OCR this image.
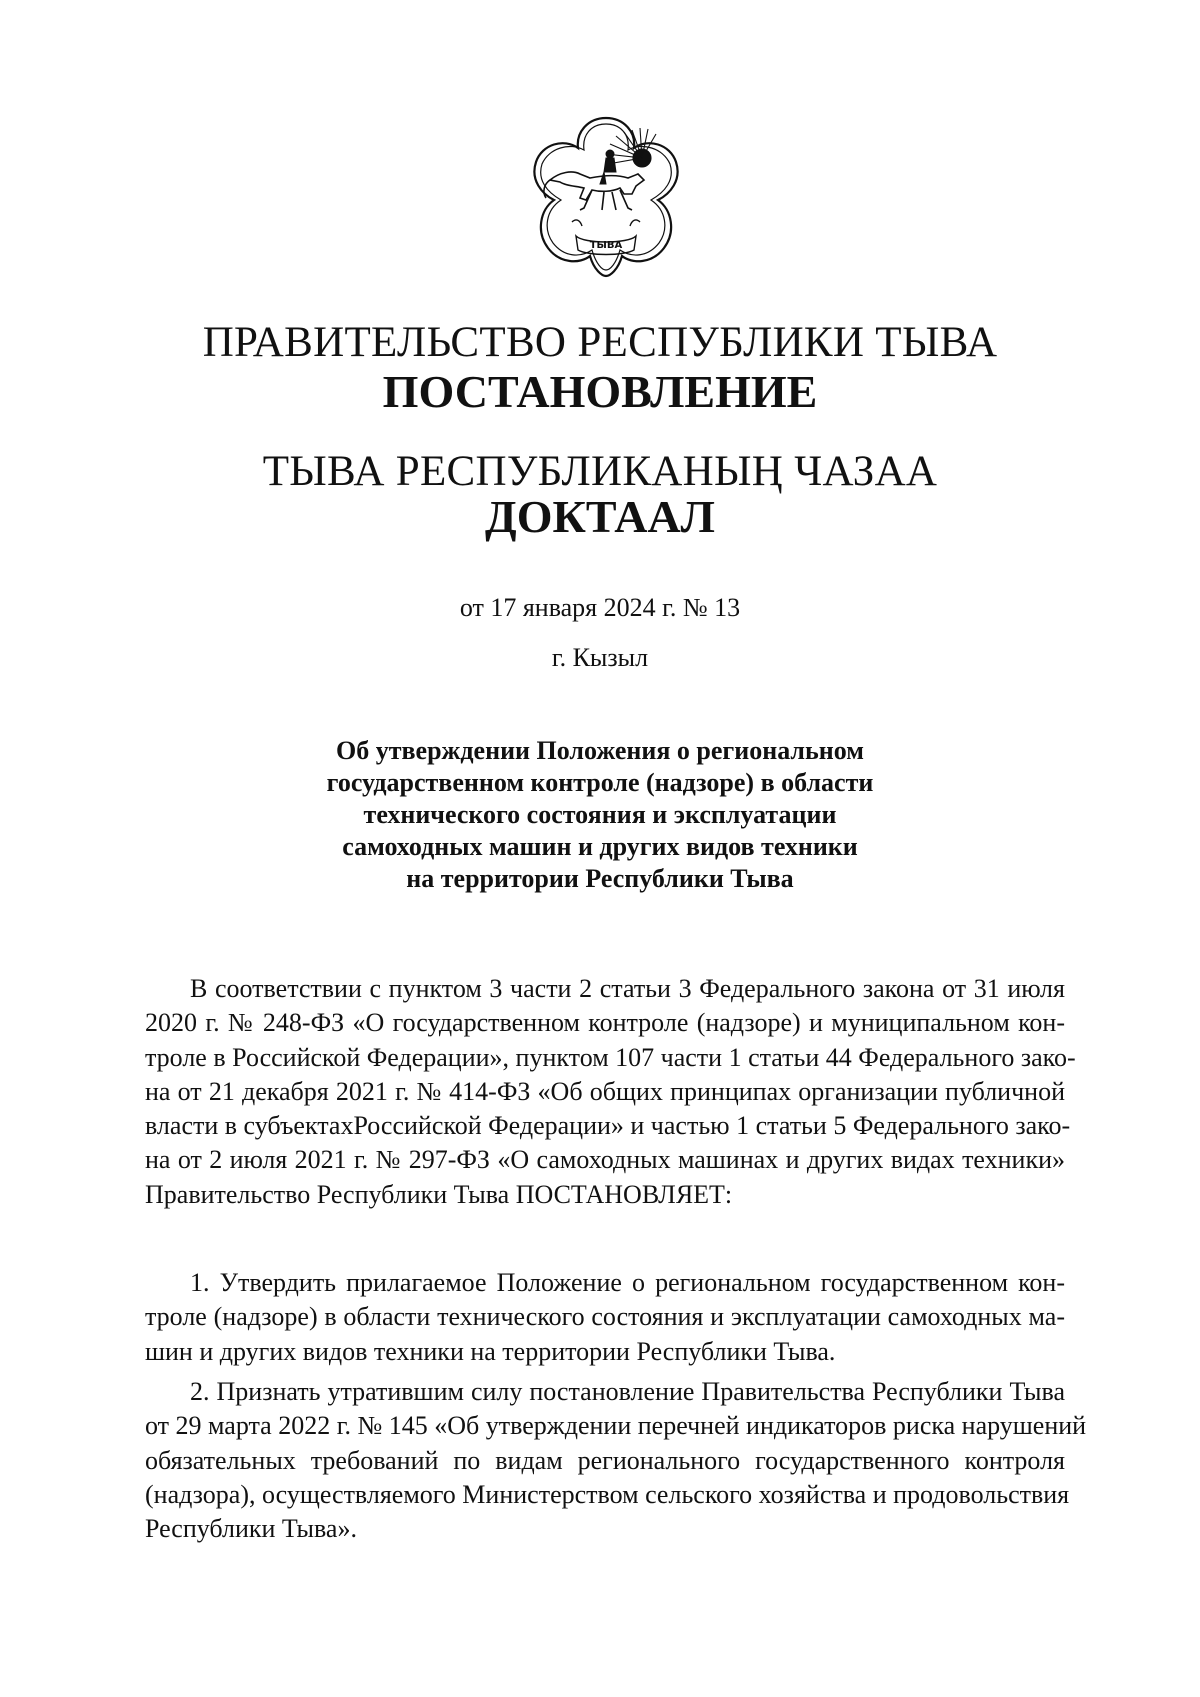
ТЫВА
ПРАВИТЕЛЬСТВО РЕСПУБЛИКИ ТЫВА
ПОСТАНОВЛЕНИЕ
ТЫВА РЕСПУБЛИКАНЫҢ ЧАЗАА
ДОКТААЛ
от 17 января 2024 г. № 13
г. Кызыл
Об утверждении Положения о региональном
государственном контроле (надзоре) в области
технического состояния и эксплуатации
самоходных машин и других видов техники
на территории Республики Тыва
В соответствии с пунктом 3 части 2 статьи 3 Федерального закона от 31 июля
2020 г. № 248-ФЗ «О государственном контроле (надзоре) и муниципальном кон-
троле в Российской Федерации», пунктом 107 части 1 статьи 44 Федерального зако-
на от 21 декабря 2021 г. № 414-ФЗ «Об общих принципах организации публичной
власти в субъектахРоссийской Федерации» и частью 1 статьи 5 Федерального зако-
на от 2 июля 2021 г. № 297-ФЗ «О самоходных машинах и других видах техники»
Правительство Республики Тыва ПОСТАНОВЛЯЕТ:
1. Утвердить прилагаемое Положение о региональном государственном кон-
троле (надзоре) в области технического состояния и эксплуатации самоходных ма-
шин и других видов техники на территории Республики Тыва.
2. Признать утратившим силу постановление Правительства Республики Тыва
от 29 марта 2022 г. № 145 «Об утверждении перечней индикаторов риска нарушений
обязательных требований по видам регионального государственного контроля
(надзора), осуществляемого Министерством сельского хозяйства и продовольствия
Республики Тыва».
